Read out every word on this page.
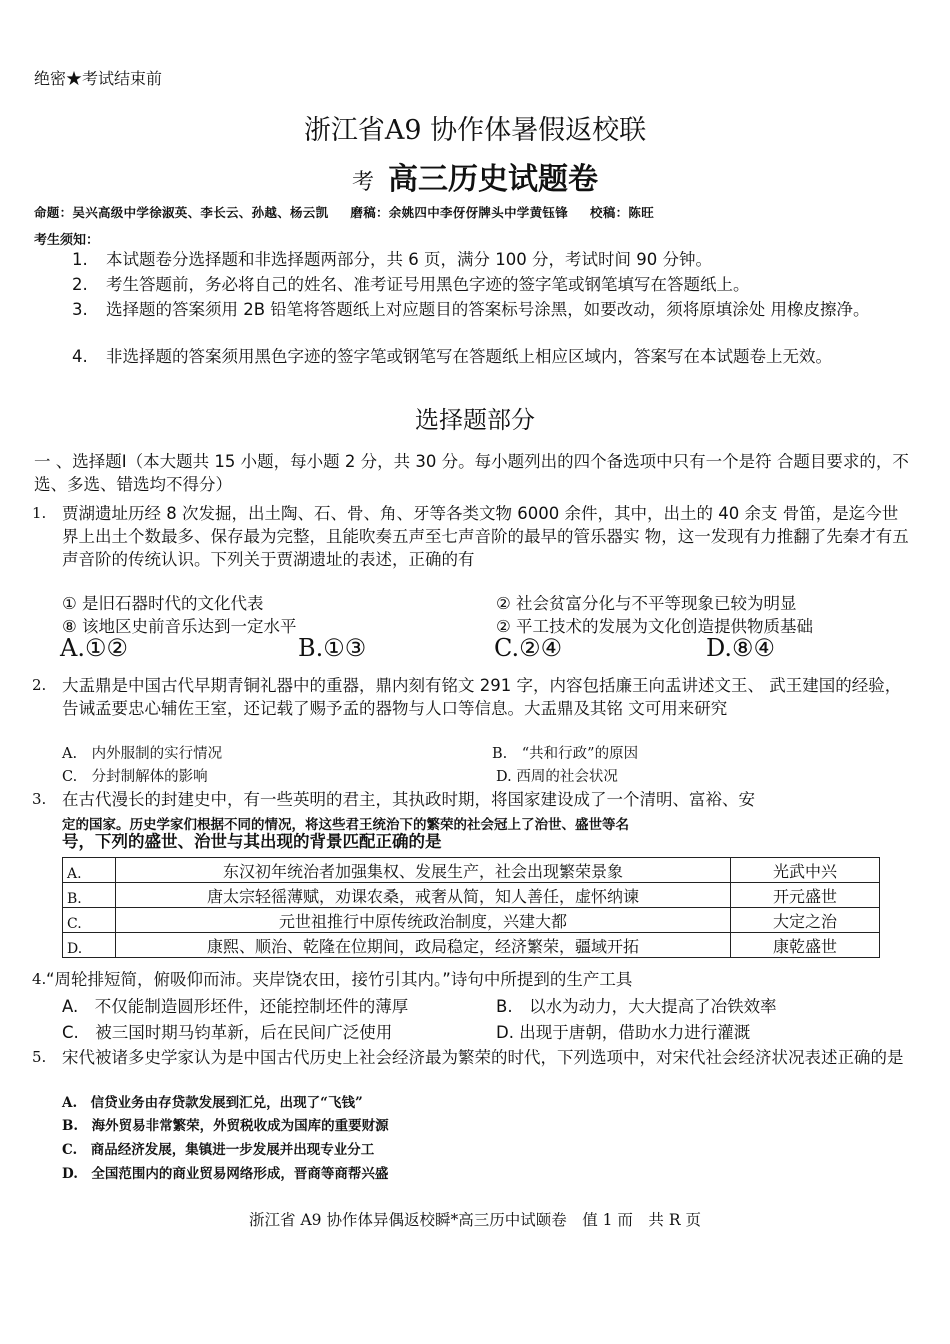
绝密★考试结束前
浙江省A9 协作体暑假返校联
考 高三历史试题卷
命题：吴兴高级中学徐淑英、李长云、孙越、杨云凯 磨稿：余姚四中李伢伢牌头中学黄钰锋 校稿：陈旺
考生须知：
1. 本试题卷分选择题和非选择题两部分，共 6 页，满分 100 分，考试时间 90 分钟。
2. 考生答题前，务必将自己的姓名、准考证号用黑色字迹的签字笔或钢笔填写在答题纸上。
3. 选择题的答案须用 2B 铅笔将答题纸上对应题目的答案标号涂黑，如要改动，须将原填涂处 用橡皮擦净。
4. 非选择题的答案须用黑色字迹的签字笔或钢笔写在答题纸上相应区域内，答案写在本试题卷上无效。
选择题部分
一 、选择题Ⅰ（本大题共 15 小题，每小题 2 分，共 30 分。每小题列出的四个备选项中只有一个是符 合题目要求的，不选、多选、错选均不得分）
1. 贾湖遗址历经 8 次发掘，出土陶、石、骨、角、牙等各类文物 6000 余件，其中，出土的 40 余支 骨笛，是迄今世界上出土个数最多、保存最为完整，且能吹奏五声至七声音阶的最早的管乐器实 物，这一发现有力推翻了先秦才有五声音阶的传统认识。下列关于贾湖遗址的表述，正确的有
① 是旧石器时代的文化代表	② 社会贫富分化与不平等现象已较为明显
⑧ 该地区史前音乐达到一定水平	② 平工技术的发展为文化创造提供物质基础
A.①②	B.①③	C.②④	D.⑧④
2. 大盂鼎是中国古代早期青铜礼器中的重器，鼎内刻有铭文 291 字，内容包括廉王向盂讲述文王、 武王建国的经验，告诫孟要忠心辅佐王室，还记载了赐予孟的器物与人口等信息。大盂鼎及其铭 文可用来研究
A.　内外服制的实行情况	B.　“共和行政”的原因
C.　分封制解体的影响	D. 西周的社会状况
3. 在古代漫长的封建史中，有一些英明的君主，其执政时期，将国家建设成了一个清明、富裕、安
定的国家。历史学家们根据不同的情况，将这些君王统治下的繁荣的社会冠上了治世、盛世等名
号，下列的盛世、治世与其出现的背景匹配正确的是
A.	东汉初年统治者加强集权、发展生产，社会出现繁荣景象	光武中兴
B.	唐太宗轻徭薄赋，劝课农桑，戒奢从简，知人善任，虚怀纳谏	开元盛世
C.	元世祖推行中原传统政治制度，兴建大都	大定之治
D.	康熙、顺治、乾隆在位期间，政局稳定，经济繁荣，疆域开拓	康乾盛世
4. “周轮排短简，俯吸仰而沛。夹岸饶农田，接竹引其内。”诗句中所提到的生产工具
A.　不仅能制造圆形坯件，还能控制坯件的薄厚	B.　以水为动力，大大提高了冶铁效率
C.　被三国时期马钧革新，后在民间广泛使用	D. 出现于唐朝，借助水力进行灌溉
5. 宋代被诸多史学家认为是中国古代历史上社会经济最为繁荣的时代，下列选项中，对宋代社会经济状况表述正确的是
A.　信贷业务由存贷款发展到汇兑，出现了“飞钱”
B.　海外贸易非常繁荣，外贸税收成为国库的重要财源
C.　商品经济发展，集镇进一步发展并出现专业分工
D.　全国范围内的商业贸易网络形成，晋商等商帮兴盛
浙江省 A9 协作体异偶返校瞬*高三历中试颐卷　值 1 而　共 R 页
